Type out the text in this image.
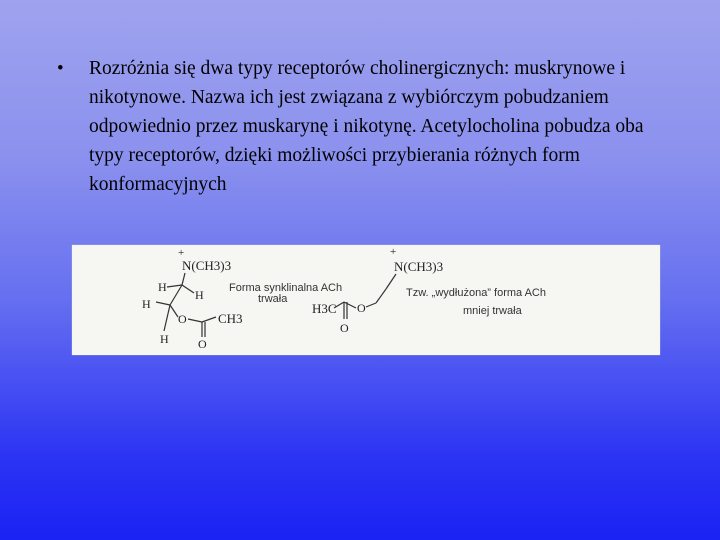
• Rozróżnia się dwa typy receptorów cholinergicznych: muskrynowe i nikotynowe. Nazwa ich jest związana z wybiórczym pobudzaniem odpowiednio przez muskarynę i nikotynę. Acetylocholina pobudza oba typy receptorów, dzięki możliwości przybierania różnych form konformacyjnych
+
N(CH3)3
H
H
H
H
O
O
CH3
Forma synklinalna ACh
trwała
+
N(CH3)3
O
H3C
O
Tzw. „wydłużona” forma ACh
mniej trwała
